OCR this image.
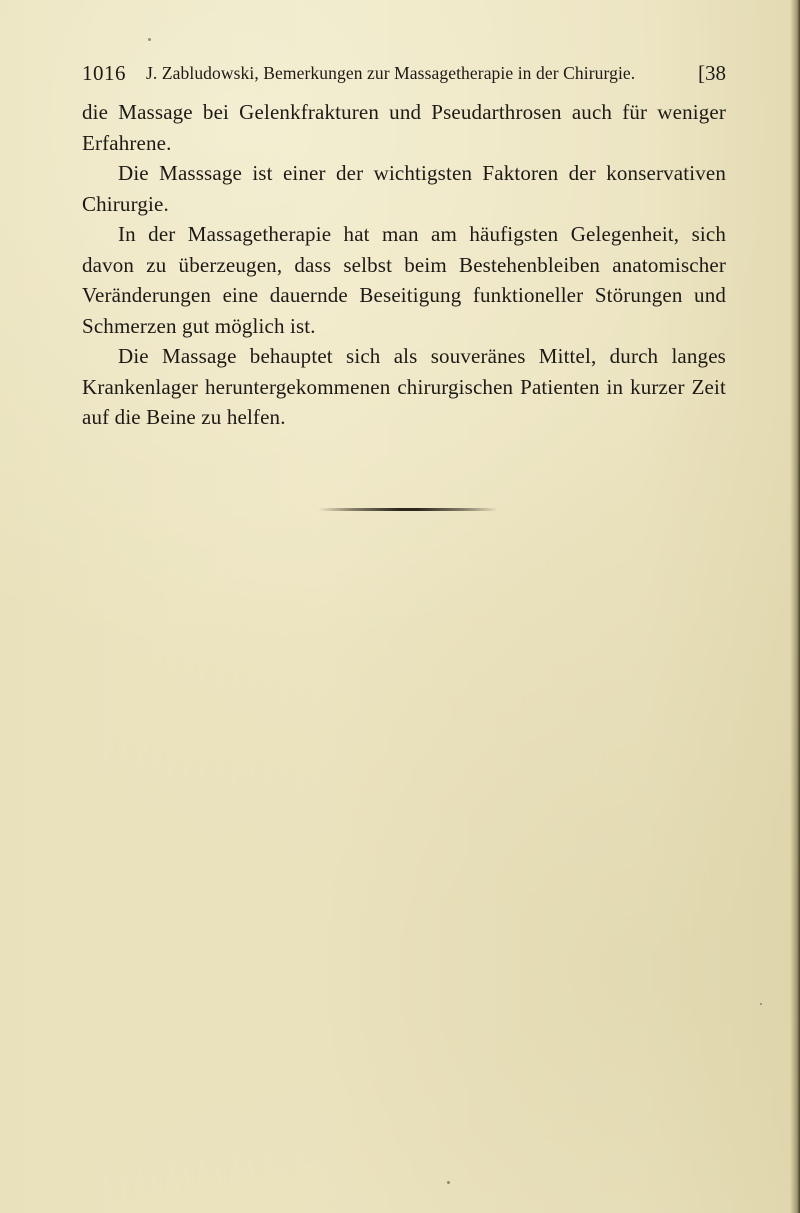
1016 J. Zabludowski, Bemerkungen zur Massagetherapie in der Chirurgie.	[38

die Massage bei Gelenkfrakturen und Pseudarthrosen auch für weniger Erfahrene.

Die Masssage ist einer der wichtigsten Faktoren der konservativen Chirurgie.

In der Massagetherapie hat man am häufigsten Gelegenheit, sich davon zu überzeugen, dass selbst beim Bestehenbleiben anatomischer Veränderungen eine dauernde Beseitigung funktioneller Störungen und Schmerzen gut möglich ist.

Die Massage behauptet sich als souveränes Mittel, durch langes Krankenlager heruntergekommenen chirurgischen Patienten in kurzer Zeit auf die Beine zu helfen.
